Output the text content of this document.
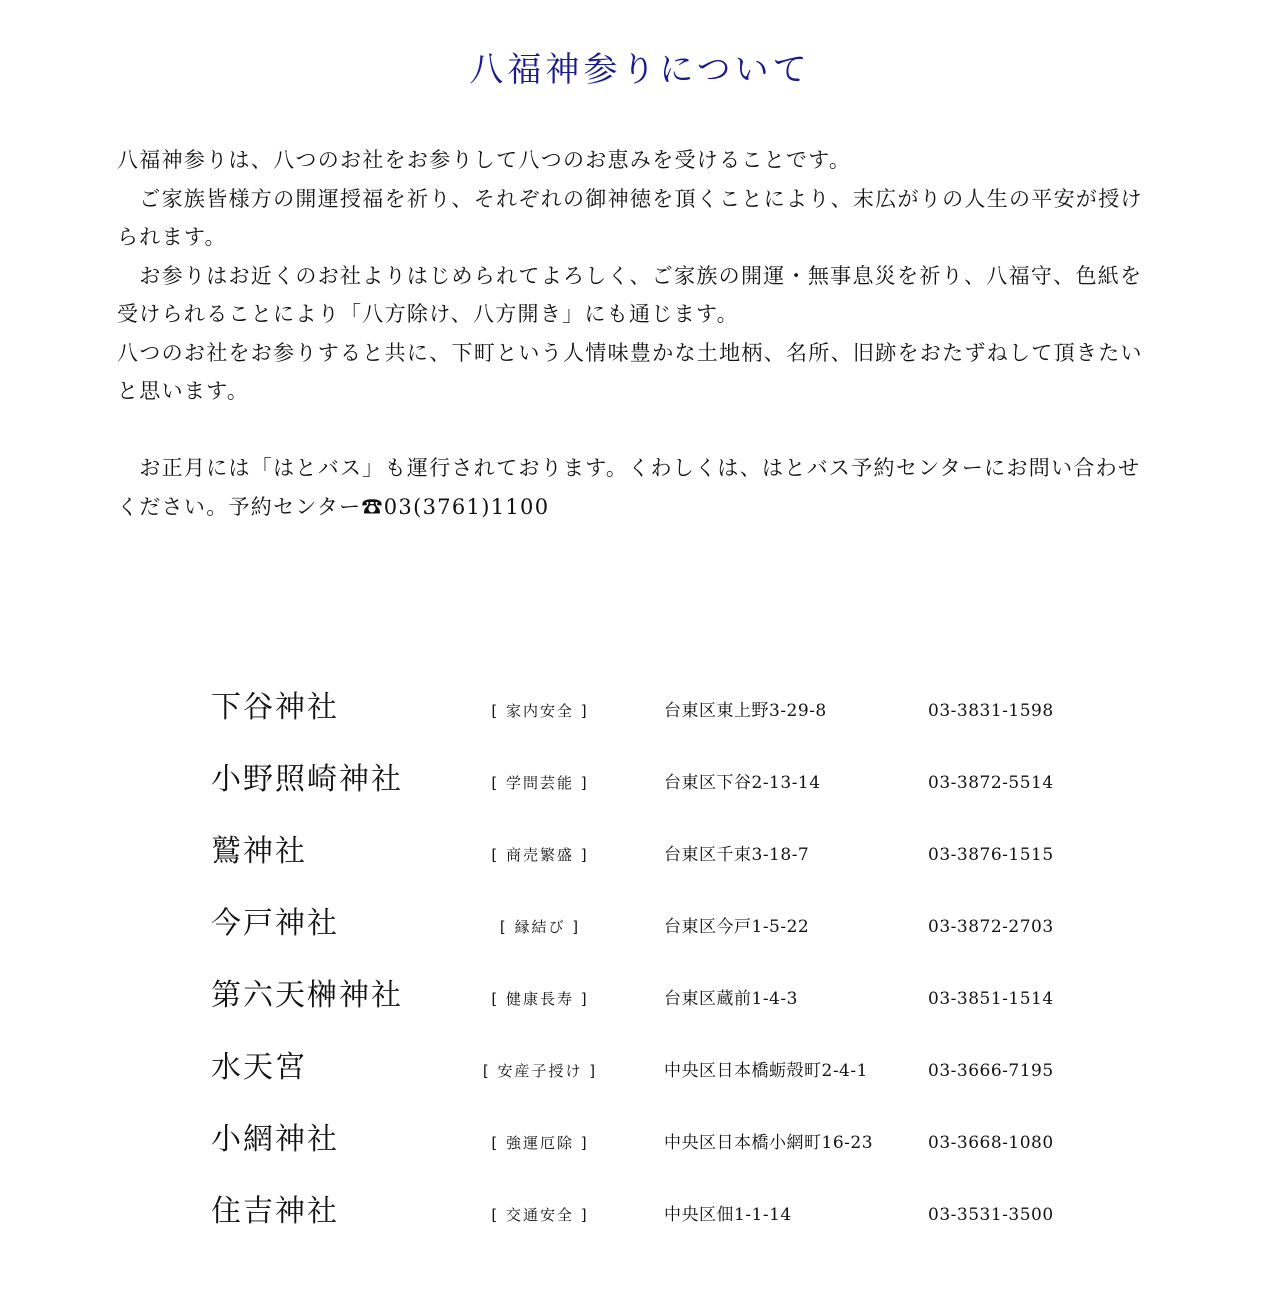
八福神参りについて

八福神参りは、八つのお社をお参りして八つのお恵みを受けることです。

　ご家族皆様方の開運授福を祈り、それぞれの御神徳を頂くことにより、末広がりの人生の平安が授けられます。

　お参りはお近くのお社よりはじめられてよろしく、ご家族の開運・無事息災を祈り、八福守、色紙を受けられることにより「八方除け、八方開き」にも通じます。

八つのお社をお参りすると共に、下町という人情味豊かな土地柄、名所、旧跡をおたずねして頂きたいと思います。

　お正月には「はとバス」も運行されております。くわしくは、はとバス予約センターにお問い合わせください。予約センター☎03(3761)1100

下谷神社	[ 家内安全 ]	台東区東上野3-29-8	03-3831-1598
小野照崎神社	[ 学問芸能 ]	台東区下谷2-13-14	03-3872-5514
鷲神社	[ 商売繁盛 ]	台東区千束3-18-7	03-3876-1515
今戸神社	[ 縁結び ]	台東区今戸1-5-22	03-3872-2703
第六天榊神社	[ 健康長寿 ]	台東区蔵前1-4-3	03-3851-1514
水天宮	[ 安産子授け ]	中央区日本橋蛎殻町2-4-1	03-3666-7195
小網神社	[ 強運厄除 ]	中央区日本橋小網町16-23	03-3668-1080
住吉神社	[ 交通安全 ]	中央区佃1-1-14	03-3531-3500
